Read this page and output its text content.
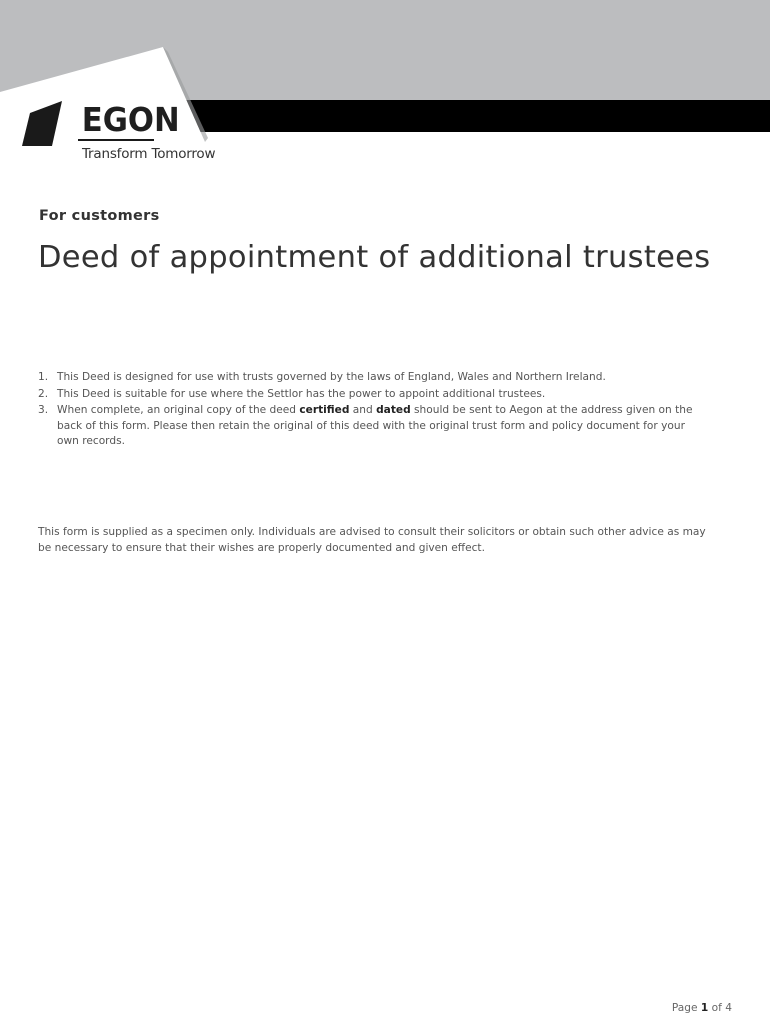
AEGON
Transform Tomorrow
For customers
Deed of appointment of additional trustees
1. This Deed is designed for use with trusts governed by the laws of England, Wales and Northern Ireland.
2. This Deed is suitable for use where the Settlor has the power to appoint additional trustees.
3. When complete, an original copy of the deed certified and dated should be sent to Aegon at the address given on the back of this form. Please then retain the original of this deed with the original trust form and policy document for your own records.

This form is supplied as a specimen only. Individuals are advised to consult their solicitors or obtain such other advice as may be necessary to ensure that their wishes are properly documented and given effect.

Page 1 of 4
